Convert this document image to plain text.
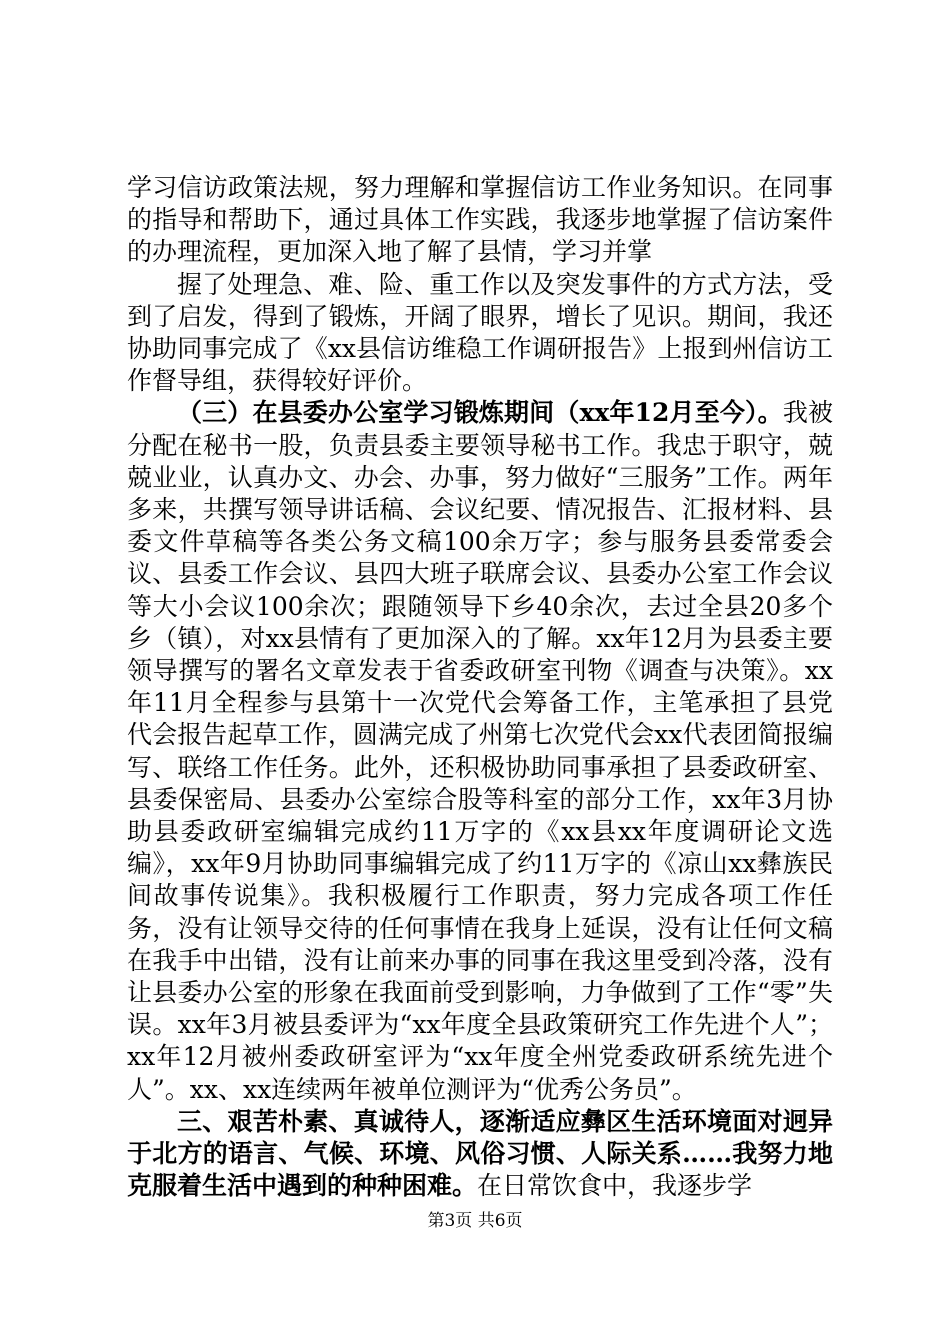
学习信访政策法规，努力理解和掌握信访工作业务知识。在同事的指导和帮助下，通过具体工作实践，我逐步地掌握了信访案件的办理流程，更加深入地了解了县情，学习并掌

握了处理急、难、险、重工作以及突发事件的方式方法，受到了启发，得到了锻炼，开阔了眼界，增长了见识。期间，我还协助同事完成了《xx县信访维稳工作调研报告》上报到州信访工作督导组，获得较好评价。

（三）在县委办公室学习锻炼期间（xx年12月至今）。我被分配在秘书一股，负责县委主要领导秘书工作。我忠于职守，兢兢业业，认真办文、办会、办事，努力做好“三服务”工作。两年多来，共撰写领导讲话稿、会议纪要、情况报告、汇报材料、县委文件草稿等各类公务文稿100余万字；参与服务县委常委会议、县委工作会议、县四大班子联席会议、县委办公室工作会议等大小会议100余次；跟随领导下乡40余次，去过全县20多个乡（镇），对xx县情有了更加深入的了解。xx年12月为县委主要领导撰写的署名文章发表于省委政研室刊物《调查与决策》。xx年11月全程参与县第十一次党代会筹备工作，主笔承担了县党代会报告起草工作，圆满完成了州第七次党代会xx代表团简报编写、联络工作任务。此外，还积极协助同事承担了县委政研室、县委保密局、县委办公室综合股等科室的部分工作，xx年3月协助县委政研室编辑完成约11万字的《xx县xx年度调研论文选编》，xx年9月协助同事编辑完成了约11万字的《凉山xx彝族民间故事传说集》。我积极履行工作职责，努力完成各项工作任务，没有让领导交待的任何事情在我身上延误，没有让任何文稿在我手中出错，没有让前来办事的同事在我这里受到冷落，没有让县委办公室的形象在我面前受到影响，力争做到了工作“零”失误。xx年3月被县委评为“xx年度全县政策研究工作先进个人”；xx年12月被州委政研室评为“xx年度全州党委政研系统先进个人”。xx、xx连续两年被单位测评为“优秀公务员”。

三、艰苦朴素、真诚待人，逐渐适应彝区生活环境面对迥异于北方的语言、气候、环境、风俗习惯、人际关系……我努力地克服着生活中遇到的种种困难。在日常饮食中，我逐步学

第3页 共6页
